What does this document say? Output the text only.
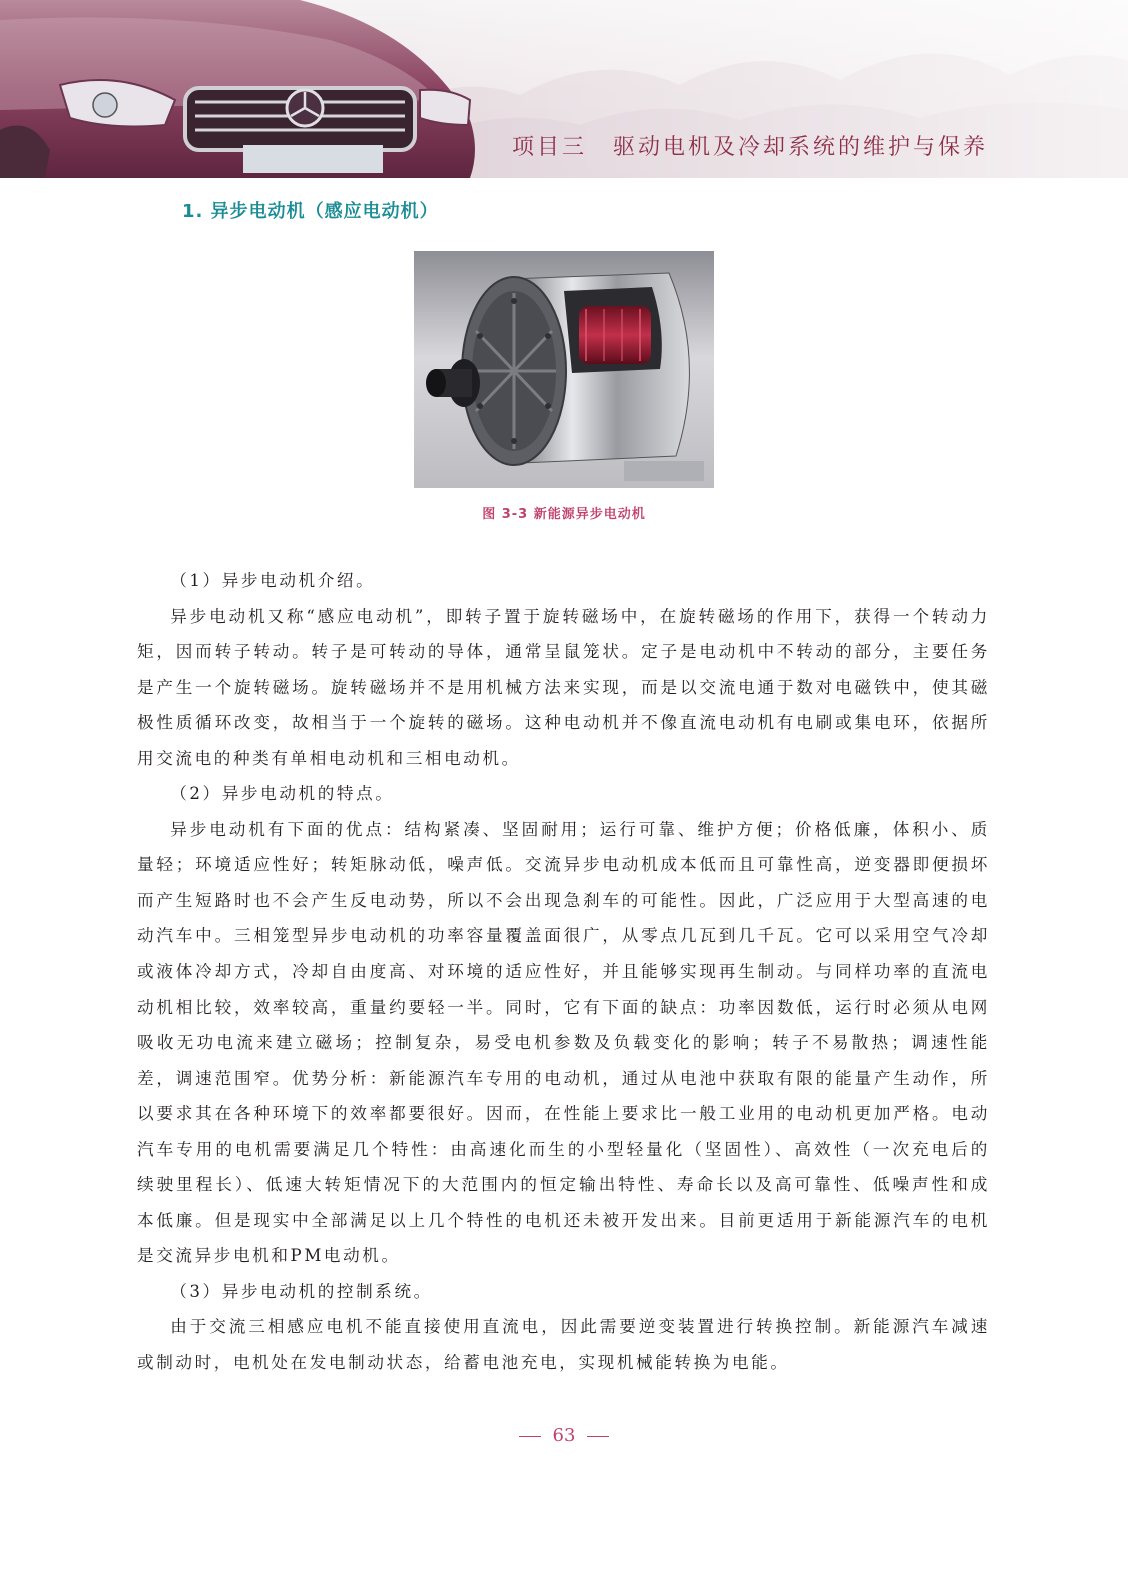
项目三 驱动电机及冷却系统的维护与保养
1. 异步电动机（感应电动机）
图 3-3 新能源异步电动机

（1）异步电动机介绍。

异步电动机又称“感应电动机”，即转子置于旋转磁场中，在旋转磁场的作用下，获得一个转动力矩，因而转子转动。转子是可转动的导体，通常呈鼠笼状。定子是电动机中不转动的部分，主要任务是产生一个旋转磁场。旋转磁场并不是用机械方法来实现，而是以交流电通于数对电磁铁中，使其磁极性质循环改变，故相当于一个旋转的磁场。这种电动机并不像直流电动机有电刷或集电环，依据所用交流电的种类有单相电动机和三相电动机。

（2）异步电动机的特点。

异步电动机有下面的优点：结构紧凑、坚固耐用；运行可靠、维护方便；价格低廉，体积小、质量轻；环境适应性好；转矩脉动低，噪声低。交流异步电动机成本低而且可靠性高，逆变器即便损坏而产生短路时也不会产生反电动势，所以不会出现急刹车的可能性。因此，广泛应用于大型高速的电动汽车中。三相笼型异步电动机的功率容量覆盖面很广，从零点几瓦到几千瓦。它可以采用空气冷却或液体冷却方式，冷却自由度高、对环境的适应性好，并且能够实现再生制动。与同样功率的直流电动机相比较，效率较高，重量约要轻一半。同时，它有下面的缺点：功率因数低，运行时必须从电网吸收无功电流来建立磁场；控制复杂，易受电机参数及负载变化的影响；转子不易散热；调速性能差，调速范围窄。优势分析：新能源汽车专用的电动机，通过从电池中获取有限的能量产生动作，所以要求其在各种环境下的效率都要很好。因而，在性能上要求比一般工业用的电动机更加严格。电动汽车专用的电机需要满足几个特性：由高速化而生的小型轻量化（坚固性）、高效性（一次充电后的续驶里程长）、低速大转矩情况下的大范围内的恒定输出特性、寿命长以及高可靠性、低噪声性和成本低廉。但是现实中全部满足以上几个特性的电机还未被开发出来。目前更适用于新能源汽车的电机是交流异步电机和PM电动机。

（3）异步电动机的控制系统。

由于交流三相感应电机不能直接使用直流电，因此需要逆变装置进行转换控制。新能源汽车减速或制动时，电机处在发电制动状态，给蓄电池充电，实现机械能转换为电能。

63
